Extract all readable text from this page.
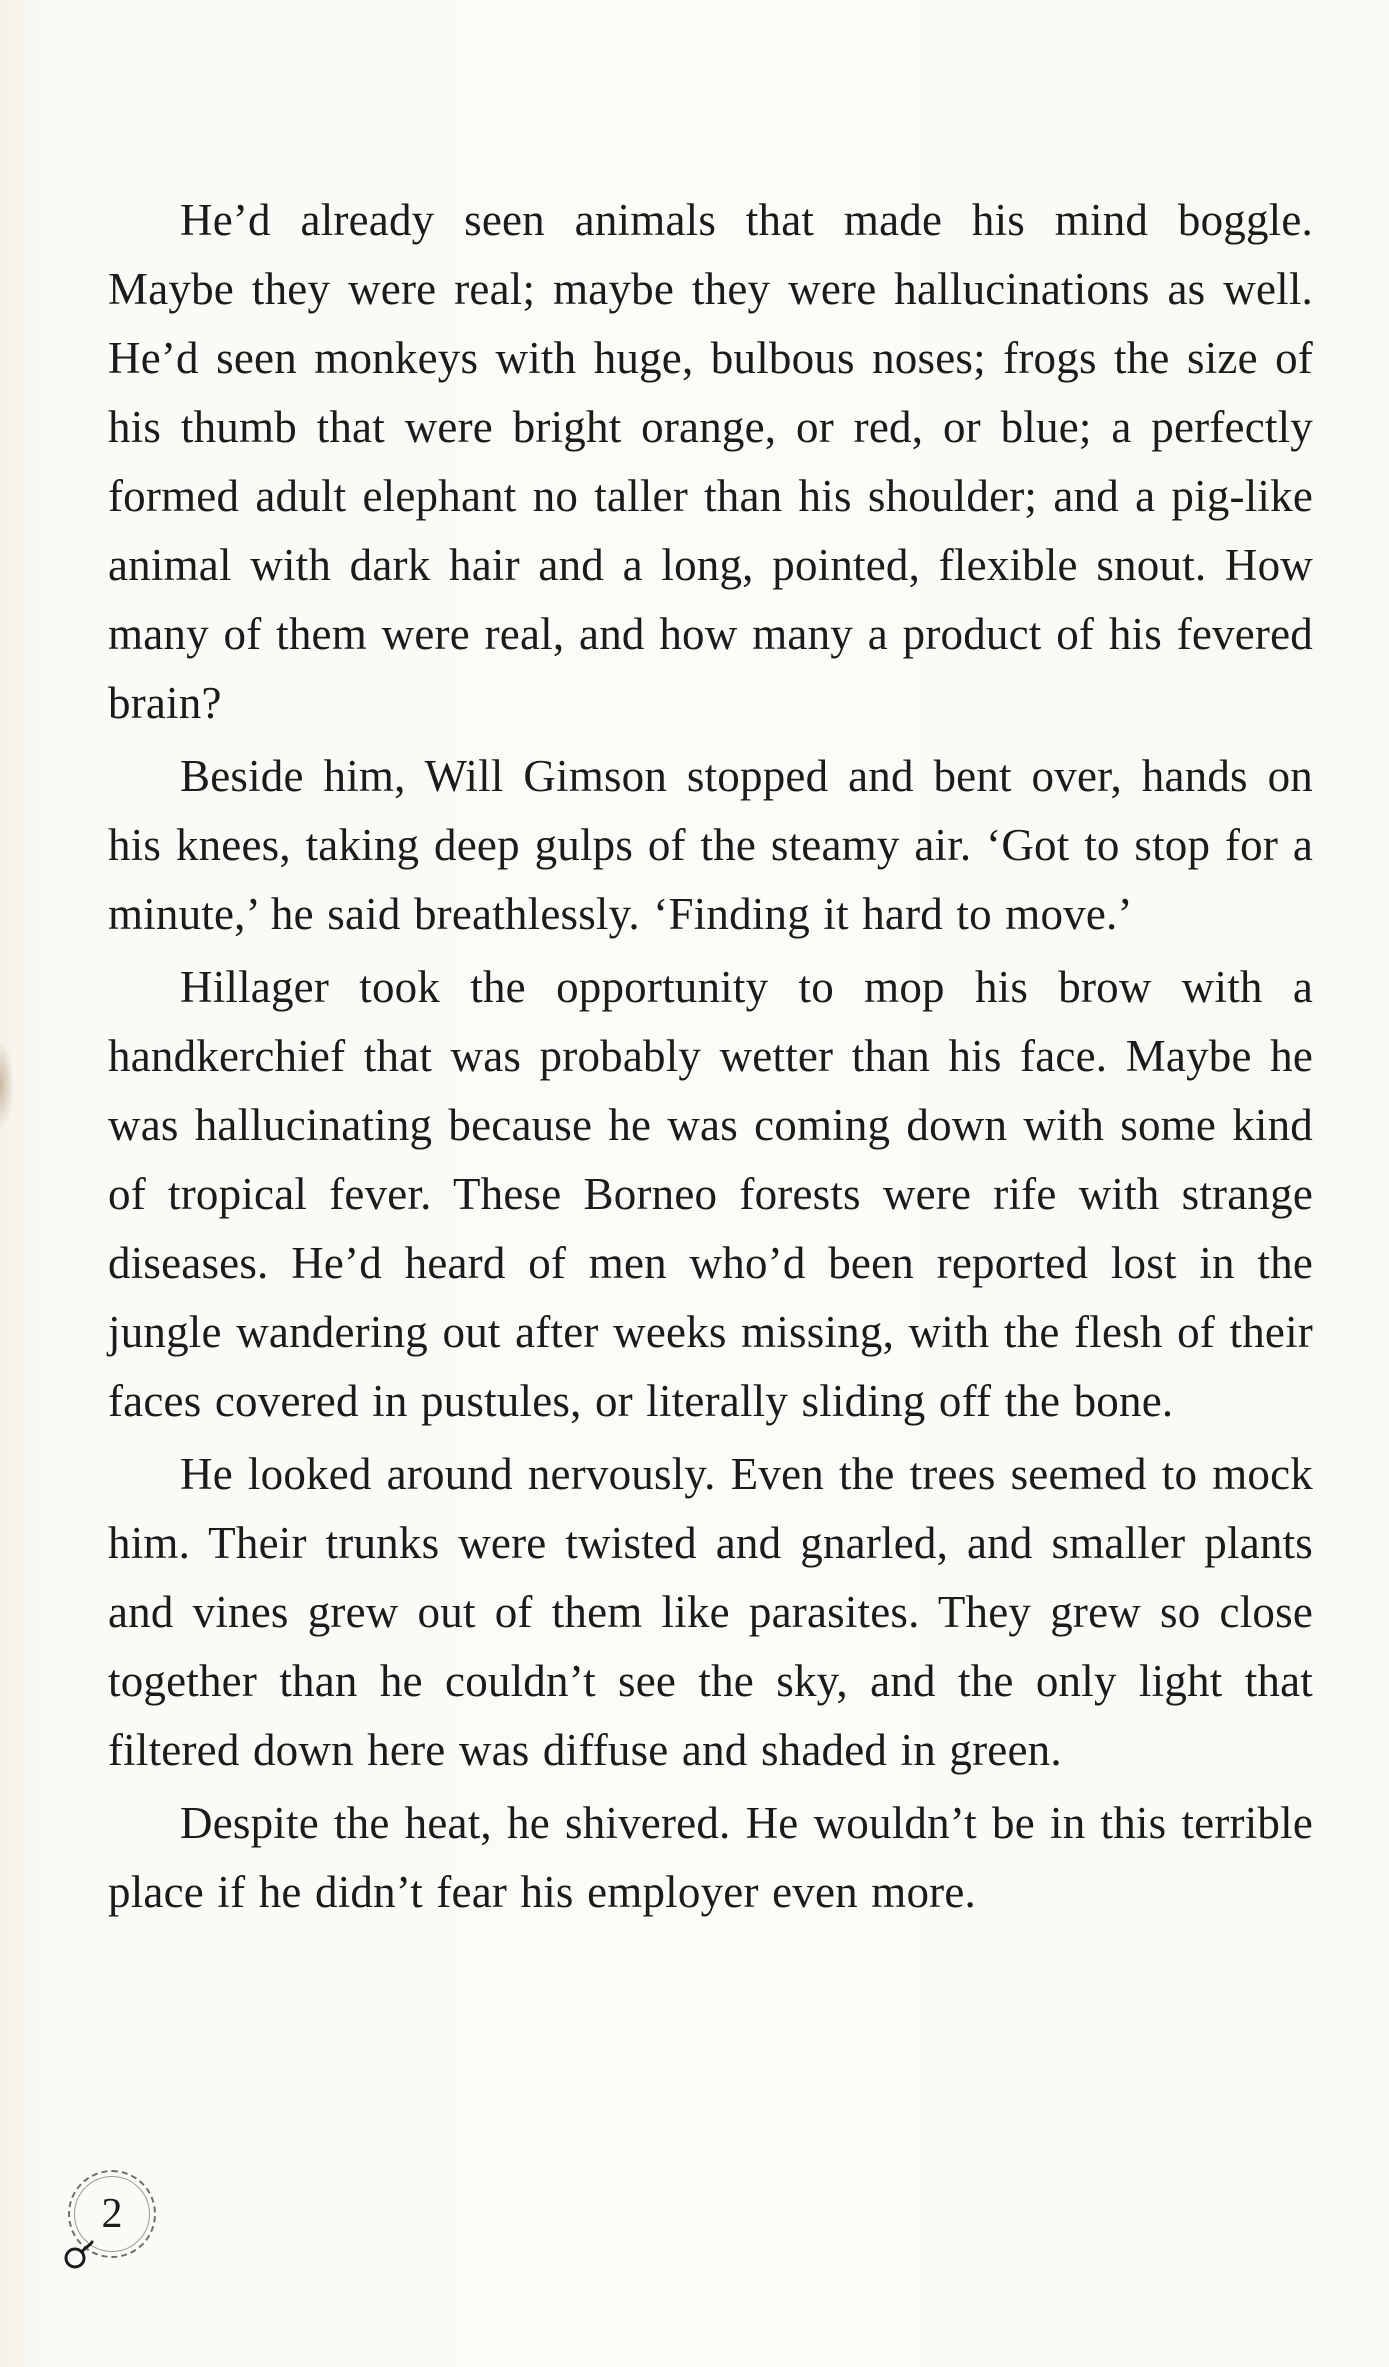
He’d already seen animals that made his mind boggle. Maybe they were real; maybe they were hallucinations as well. He’d seen monkeys with huge, bulbous noses; frogs the size of his thumb that were bright orange, or red, or blue; a perfectly formed adult elephant no taller than his shoulder; and a pig-like animal with dark hair and a long, pointed, flexible snout. How many of them were real, and how many a product of his fevered brain?

Beside him, Will Gimson stopped and bent over, hands on his knees, taking deep gulps of the steamy air. ‘Got to stop for a minute,’ he said breathlessly. ‘Finding it hard to move.’

Hillager took the opportunity to mop his brow with a handkerchief that was probably wetter than his face. Maybe he was hallucinating because he was coming down with some kind of tropical fever. These Borneo forests were rife with strange diseases. He’d heard of men who’d been reported lost in the jungle wandering out after weeks missing, with the flesh of their faces covered in pustules, or literally sliding off the bone.

He looked around nervously. Even the trees seemed to mock him. Their trunks were twisted and gnarled, and smaller plants and vines grew out of them like parasites. They grew so close together than he couldn’t see the sky, and the only light that filtered down here was diffuse and shaded in green.

Despite the heat, he shivered. He wouldn’t be in this terrible place if he didn’t fear his employer even more.

2
